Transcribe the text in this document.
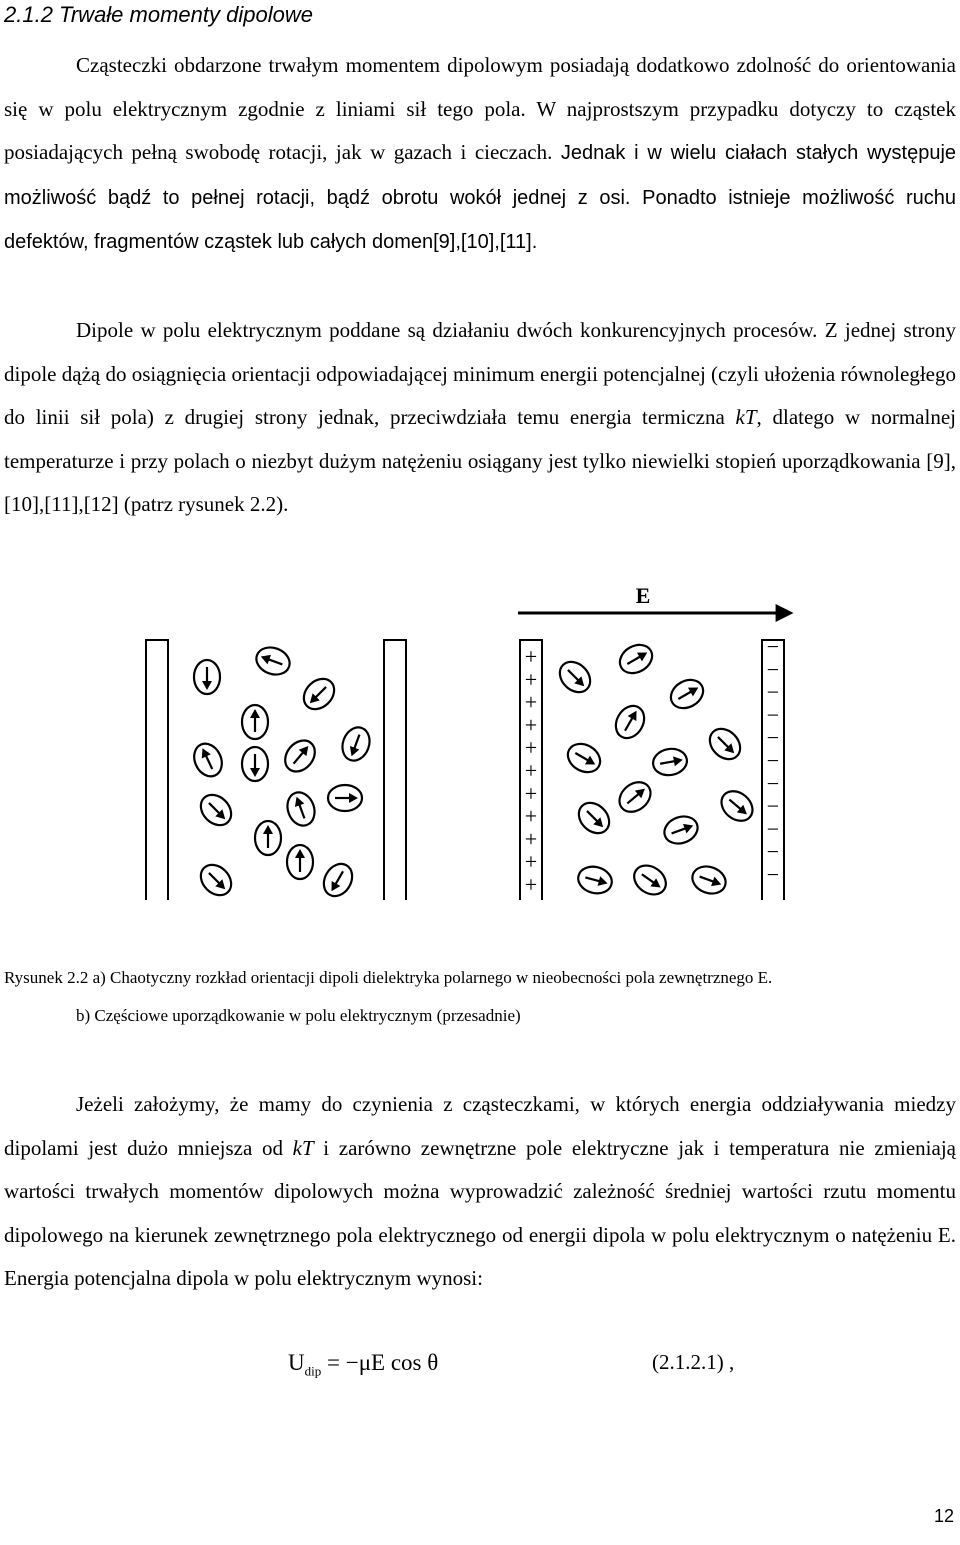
2.1.2 Trwałe momenty dipolowe

Cząsteczki obdarzone trwałym momentem dipolowym posiadają dodatkowo zdolność do orientowania się w polu elektrycznym zgodnie z liniami sił tego pola. W najprostszym przypadku dotyczy to cząstek posiadających pełną swobodę rotacji, jak w gazach i cieczach. Jednak i w wielu ciałach stałych występuje możliwość bądź to pełnej rotacji, bądź obrotu wokół jednej z osi. Ponadto istnieje możliwość ruchu defektów, fragmentów cząstek lub całych domen[9],[10],[11].

Dipole w polu elektrycznym poddane są działaniu dwóch konkurencyjnych procesów. Z jednej strony dipole dążą do osiągnięcia orientacji odpowiadającej minimum energii potencjalnej (czyli ułożenia równoległego do linii sił pola) z drugiej strony jednak, przeciwdziała temu energia termiczna kT, dlatego w normalnej temperaturze i przy polach o niezbyt dużym natężeniu osiągany jest tylko niewielki stopień uporządkowania [9],[10],[11],[12] (patrz rysunek 2.2).

E
+
+
+
+
+
+
+
+
+
+
+
−
−
−
−
−
−
−
−
−
−
−

Rysunek 2.2 a) Chaotyczny rozkład orientacji dipoli dielektryka polarnego w nieobecności pola zewnętrznego E.

b) Częściowe uporządkowanie w polu elektrycznym (przesadnie)

Jeżeli założymy, że mamy do czynienia z cząsteczkami, w których energia oddziaływania miedzy dipolami jest dużo mniejsza od kT i zarówno zewnętrzne pole elektryczne jak i temperatura nie zmieniają wartości trwałych momentów dipolowych można wyprowadzić zależność średniej wartości rzutu momentu dipolowego na kierunek zewnętrznego pola elektrycznego od energii dipola w polu elektrycznym o natężeniu E. Energia potencjalna dipola w polu elektrycznym wynosi:

$U_{dip} = -\mu E$ cos θ	(2.1.2.1) ,

12
